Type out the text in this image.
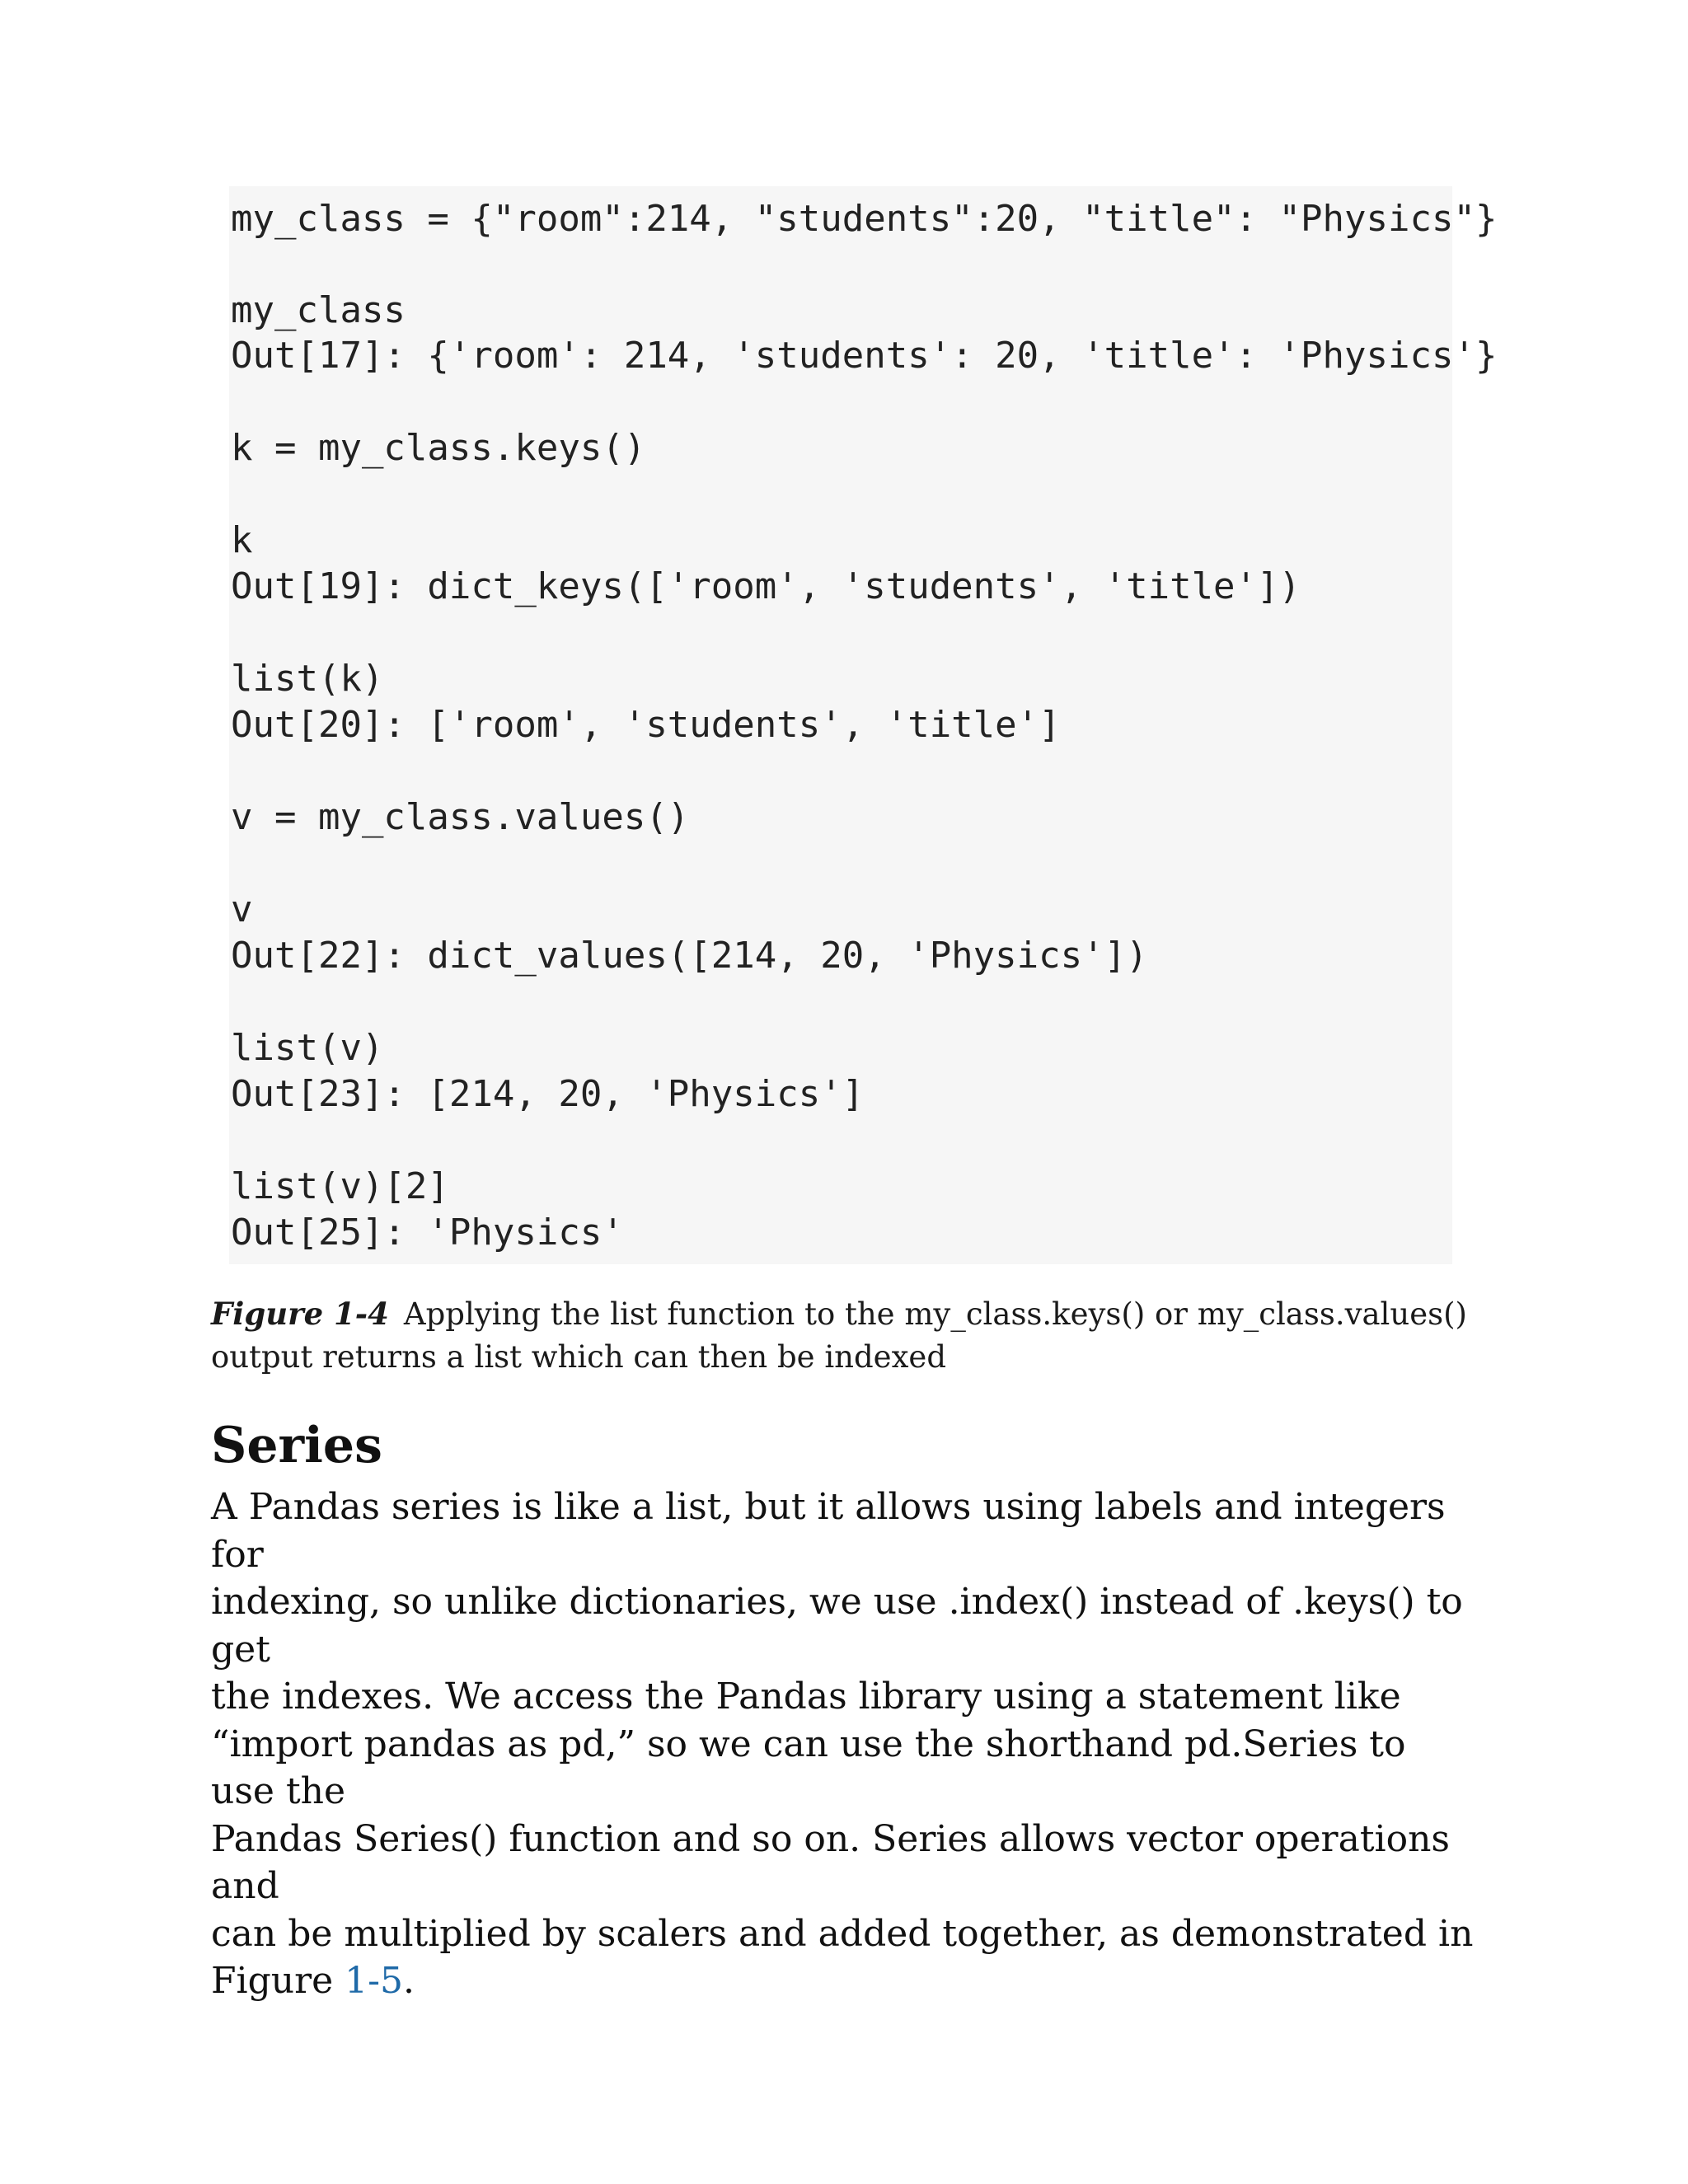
my_class = {"room":214, "students":20, "title": "Physics"}
my_class
Out[17]: {'room': 214, 'students': 20, 'title': 'Physics'}
k = my_class.keys()
k
Out[19]: dict_keys(['room', 'students', 'title'])
list(k)
Out[20]: ['room', 'students', 'title']
v = my_class.values()
v
Out[22]: dict_values([214, 20, 'Physics'])
list(v)
Out[23]: [214, 20, 'Physics']
list(v)[2]
Out[25]: 'Physics'
Figure 1-4 Applying the list function to the my_class.keys() or my_class.values()
output returns a list which can then be indexed
Series

A Pandas series is like a list, but it allows using labels and integers for
indexing, so unlike dictionaries, we use .index() instead of .keys() to get
the indexes. We access the Pandas library using a statement like
“import pandas as pd,” so we can use the shorthand pd.Series to use the
Pandas Series() function and so on. Series allows vector operations and
can be multiplied by scalers and added together, as demonstrated in
Figure 1-5.
